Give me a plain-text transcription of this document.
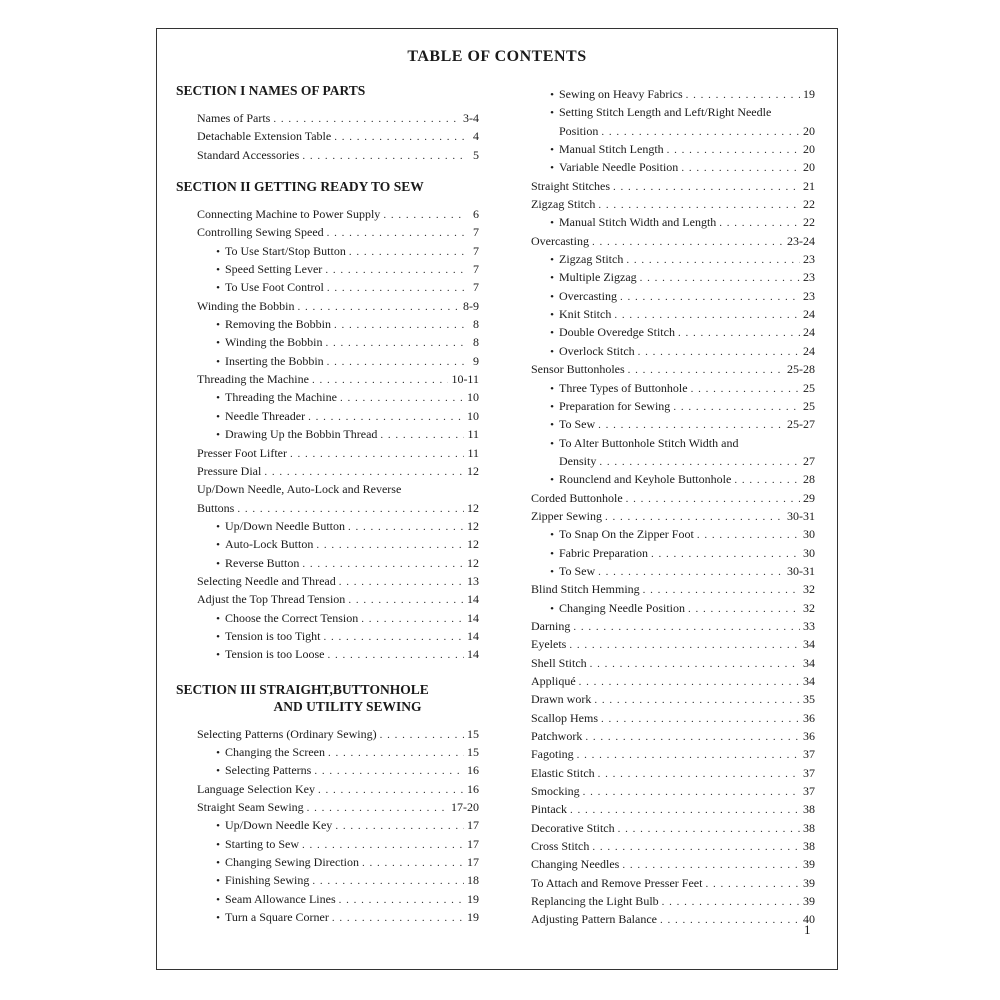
TABLE OF CONTENTS
SECTION I NAMES OF PARTS
Names of Parts . . .	3-4
Detachable Extension Table . . .	4
Standard Accessories . . .	5
SECTION II GETTING READY TO SEW
Connecting Machine to Power Supply . . .	6
Controlling Sewing Speed . . .	7
• To Use Start/Stop Button . . .	7
• Speed Setting Lever . . .	7
• To Use Foot Control . . .	7
Winding the Bobbin . . .	8-9
• Removing the Bobbin . . .	8
• Winding the Bobbin . . .	8
• Inserting the Bobbin . . .	9
Threading the Machine . . .	10-11
• Threading the Machine . . .	10
• Needle Threader . . .	10
• Drawing Up the Bobbin Thread . . .	11
Presser Foot Lifter . . .	11
Pressure Dial . . .	12
Up/Down Needle, Auto-Lock and Reverse
Buttons . . .	12
• Up/Down Needle Button . . .	12
• Auto-Lock Button . . .	12
• Reverse Button . . .	12
Selecting Needle and Thread . . .	13
Adjust the Top Thread Tension . . .	14
• Choose the Correct Tension . . .	14
• Tension is too Tight . . .	14
• Tension is too Loose . . .	14
SECTION III STRAIGHT,BUTTONHOLE
AND UTILITY SEWING
Selecting Patterns (Ordinary Sewing) . . .	15
• Changing the Screen . . .	15
• Selecting Patterns . . .	16
Language Selection Key . . .	16
Straight Seam Sewing . . .	17-20
• Up/Down Needle Key . . .	17
• Starting to Sew . . .	17
• Changing Sewing Direction . . .	17
• Finishing Sewing . . .	18
• Seam Allowance Lines . . .	19
• Turn a Square Corner . . .	19
• Sewing on Heavy Fabrics . . .	19
• Setting Stitch Length and Left/Right Needle
Position . . .	20
• Manual Stitch Length . . .	20
• Variable Needle Position . . .	20
Straight Stitches . . .	21
Zigzag Stitch . . .	22
• Manual Stitch Width and Length . . .	22
Overcasting . . .	23-24
• Zigzag Stitch . . .	23
• Multiple Zigzag . . .	23
• Overcasting . . .	23
• Knit Stitch . . .	24
• Double Overedge Stitch . . .	24
• Overlock Stitch . . .	24
Sensor Buttonholes . . .	25-28
• Three Types of Buttonhole . . .	25
• Preparation for Sewing . . .	25
• To Sew . . .	25-27
• To Alter Buttonhole Stitch Width and
Density . . .	27
• Rounclend and Keyhole Buttonhole . . .	28
Corded Buttonhole . . .	29
Zipper Sewing . . .	30-31
• To Snap On the Zipper Foot . . .	30
• Fabric Preparation . . .	30
• To Sew . . .	30-31
Blind Stitch Hemming . . .	32
• Changing Needle Position . . .	32
Darning . . .	33
Eyelets . . .	34
Shell Stitch . . .	34
Appliqué . . .	34
Drawn work . . .	35
Scallop Hems . . .	36
Patchwork . . .	36
Fagoting . . .	37
Elastic Stitch . . .	37
Smocking . . .	37
Pintack . . .	38
Decorative Stitch . . .	38
Cross Stitch . . .	38
Changing Needles . . .	39
To Attach and Remove Presser Feet . . .	39
Replancing the Light Bulb . . .	39
Adjusting Pattern Balance . . .	40
1
